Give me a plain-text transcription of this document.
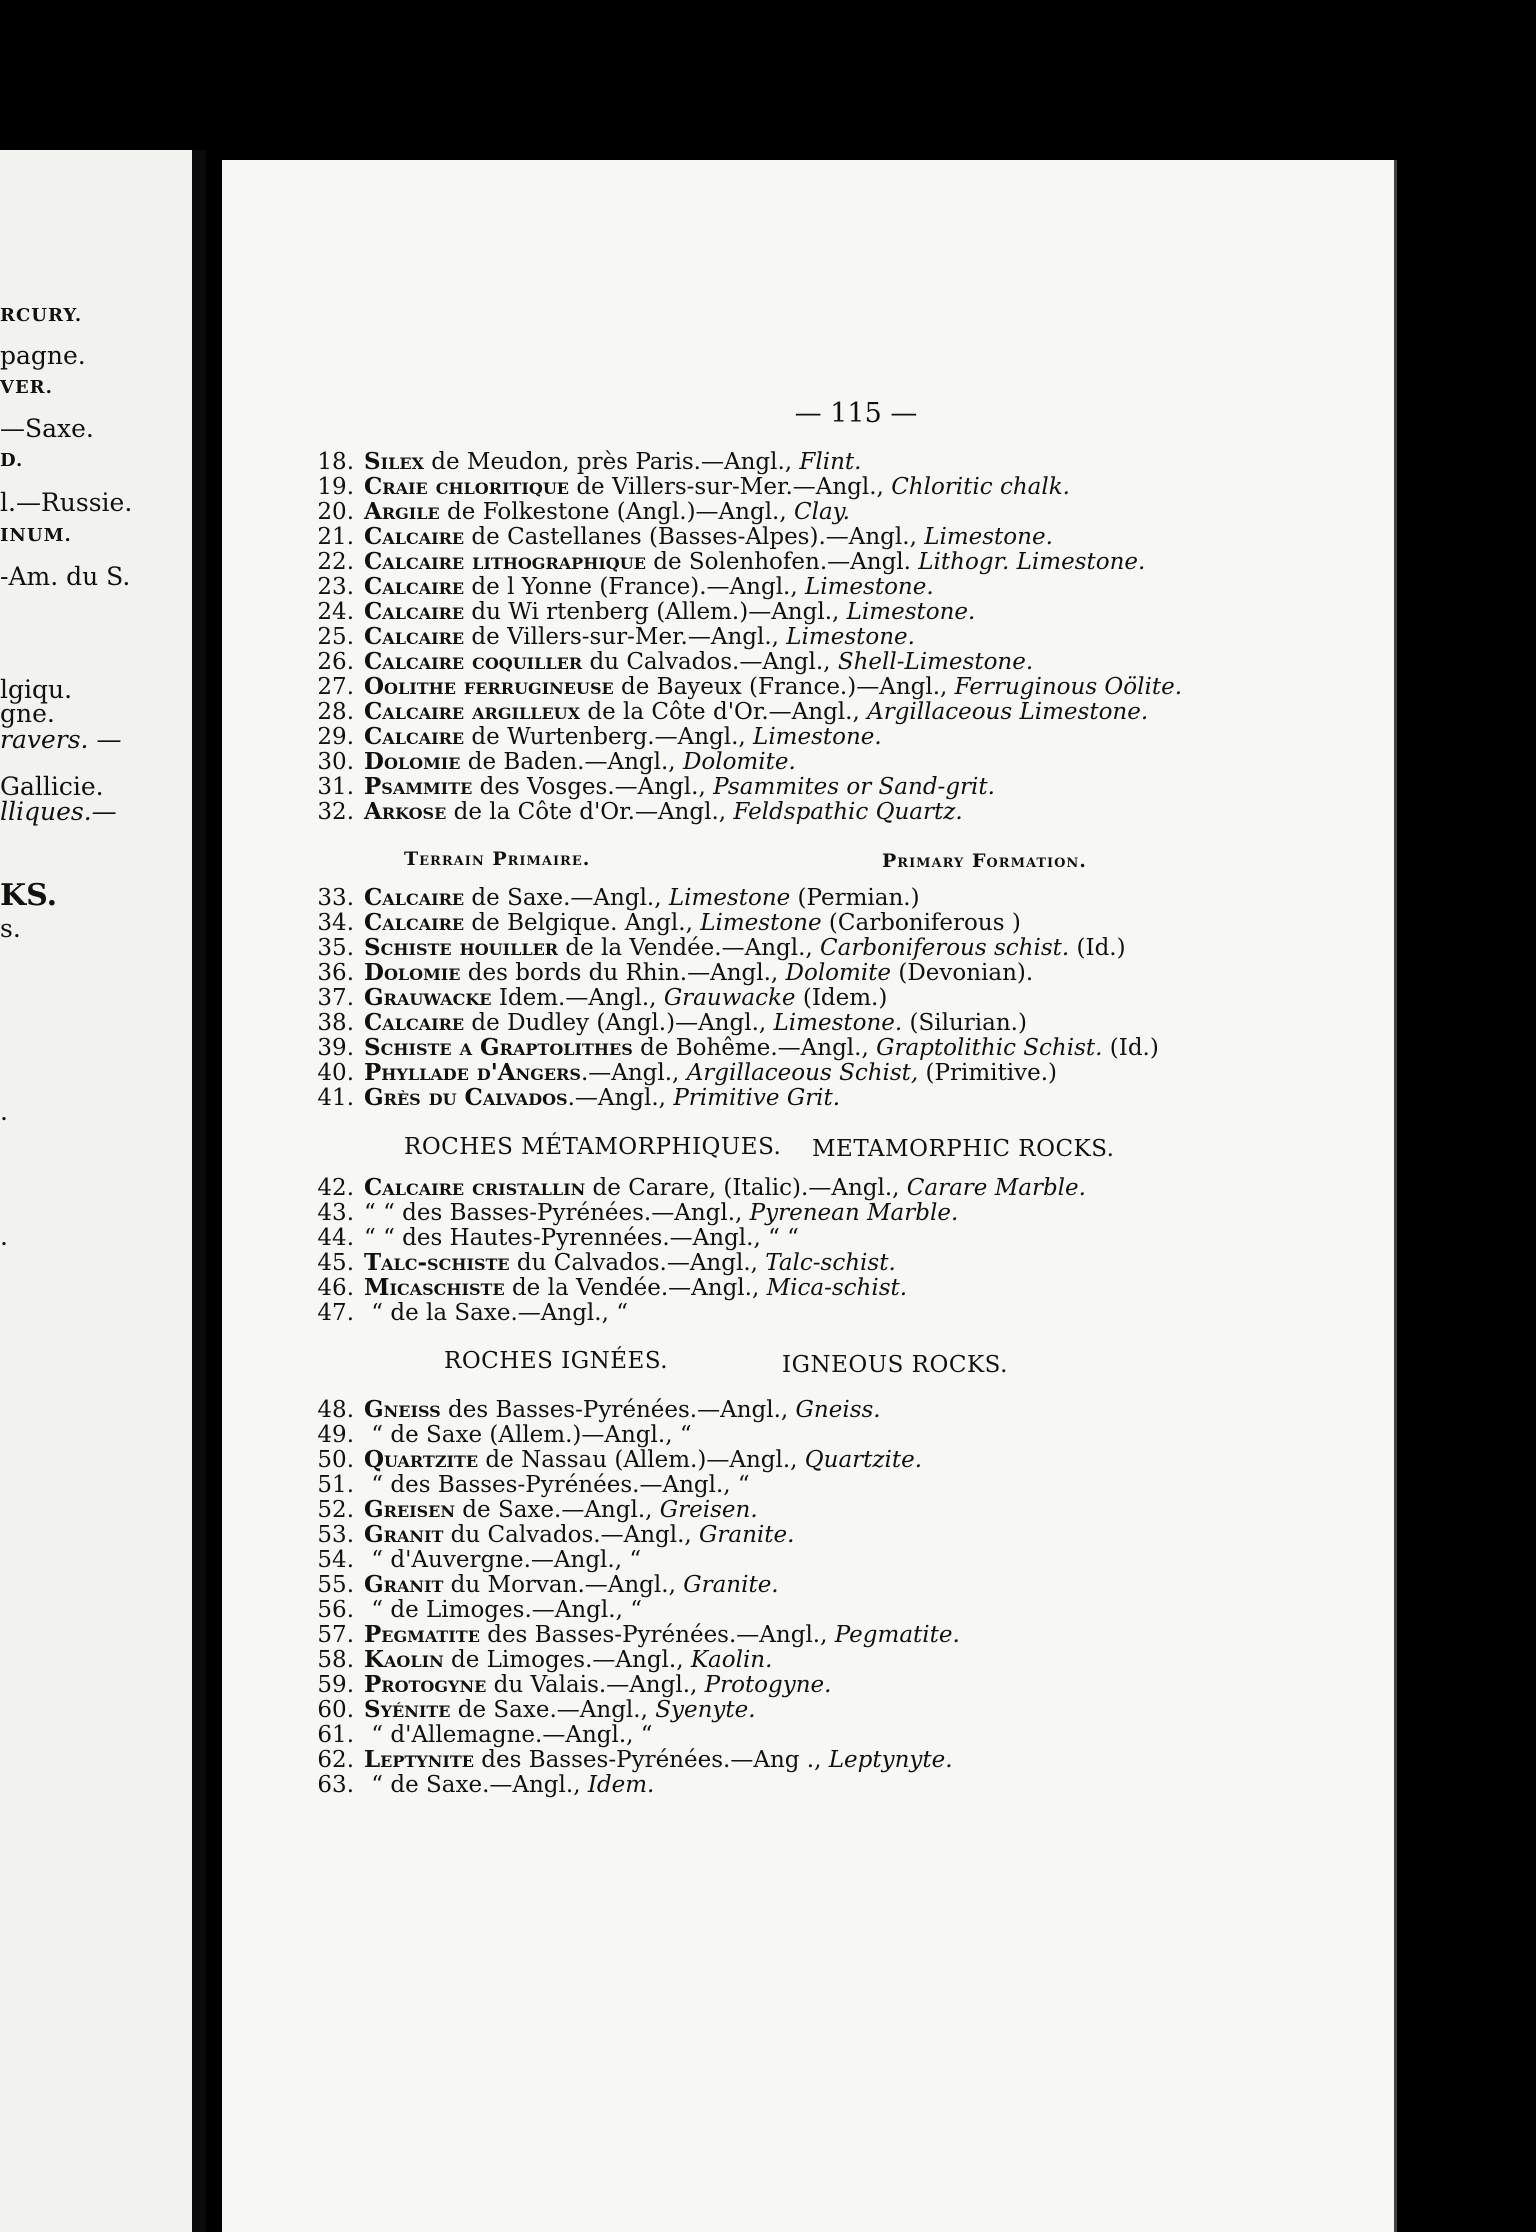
RCURY.
pagne.
VER.
—Saxe.
D.
l.—Russie.
INUM.
-Am. du S.
lgiqu.
gne.
ravers. —
Gallicie.
lliques.—
KS.
s.
.
.
— 115 —
18. Silex de Meudon, près Paris.—Angl., Flint.
19. Craie chloritique de Villers-sur-Mer.—Angl., Chloritic chalk.
20. Argile de Folkestone (Angl.)—Angl., Clay.
21. Calcaire de Castellanes (Basses-Alpes).—Angl., Limestone.
22. Calcaire lithographique de Solenhofen.—Angl. Lithogr. Limestone.
23. Calcaire de l Yonne (France).—Angl., Limestone.
24. Calcaire du Wi rtenberg (Allem.)—Angl., Limestone.
25. Calcaire de Villers-sur-Mer.—Angl., Limestone.
26. Calcaire coquiller du Calvados.—Angl., Shell-Limestone.
27. Oolithe ferrugineuse de Bayeux (France.)—Angl., Ferruginous Oölite.
28. Calcaire argilleux de la Côte d'Or.—Angl., Argillaceous Limestone.
29. Calcaire de Wurtenberg.—Angl., Limestone.
30. Dolomie de Baden.—Angl., Dolomite.
31. Psammite des Vosges.—Angl., Psammites or Sand-grit.
32. Arkose de la Côte d'Or.—Angl., Feldspathic Quartz.
33. Calcaire de Saxe.—Angl., Limestone (Permian.)
34. Calcaire de Belgique. Angl., Limestone (Carboniferous )
35. Schiste houiller de la Vendée.—Angl., Carboniferous schist. (Id.)
36. Dolomie des bords du Rhin.—Angl., Dolomite (Devonian).
37. Grauwacke Idem.—Angl., Grauwacke (Idem.)
38. Calcaire de Dudley (Angl.)—Angl., Limestone. (Silurian.)
39. Schiste a Graptolithes de Bohême.—Angl., Graptolithic Schist. (Id.)
40. Phyllade d'Angers.—Angl., Argillaceous Schist, (Primitive.)
41. Grès du Calvados.—Angl., Primitive Grit.
42. Calcaire cristallin de Carare, (Italic).—Angl., Carare Marble.
43. “ “ des Basses-Pyrénées.—Angl., Pyrenean Marble.
44. “ “ des Hautes-Pyrennées.—Angl., “ “
45. Talc-schiste du Calvados.—Angl., Talc-schist.
46. Micaschiste de la Vendée.—Angl., Mica-schist.
47. “ de la Saxe.—Angl., “
48. Gneiss des Basses-Pyrénées.—Angl., Gneiss.
49. “ de Saxe (Allem.)—Angl., “
50. Quartzite de Nassau (Allem.)—Angl., Quartzite.
51. “ des Basses-Pyrénées.—Angl., “
52. Greisen de Saxe.—Angl., Greisen.
53. Granit du Calvados.—Angl., Granite.
54. “ d'Auvergne.—Angl., “
55. Granit du Morvan.—Angl., Granite.
56. “ de Limoges.—Angl., “
57. Pegmatite des Basses-Pyrénées.—Angl., Pegmatite.
58. Kaolin de Limoges.—Angl., Kaolin.
59. Protogyne du Valais.—Angl., Protogyne.
60. Syénite de Saxe.—Angl., Syenyte.
61. “ d'Allemagne.—Angl., “
62. Leptynite des Basses-Pyrénées.—Ang ., Leptynyte.
63. “ de Saxe.—Angl., Idem.
Terrain Primaire.	Primary Formation.
ROCHES MÉTAMORPHIQUES. METAMORPHIC ROCKS.
ROCHES IGNÉES.	IGNEOUS ROCKS.
